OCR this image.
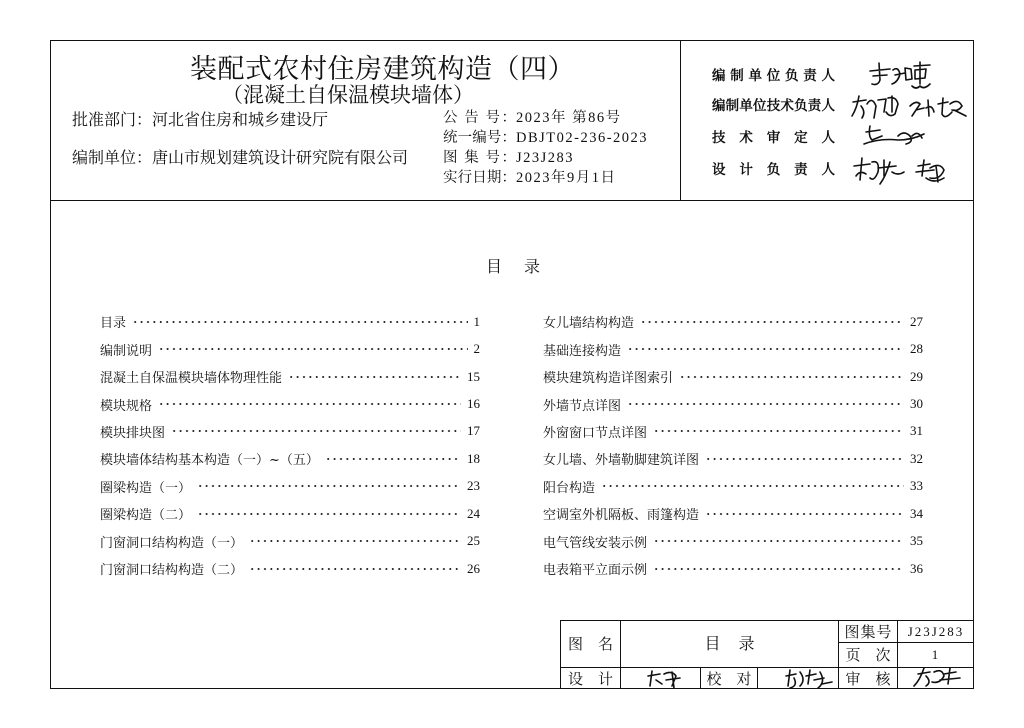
装配式农村住房建筑构造（四）
（混凝土自保温模块墙体）
批准部门：河北省住房和城乡建设厅
编制单位：唐山市规划建筑设计研究院有限公司
公 告 号：2023年 第86号
统一编号：DBJT02-236-2023
图 集 号：J23J283
实行日期：2023年9月1日
编制单位负责人
编制单位技术负责人
技术审定人
设计负责人
目 录
目录	1
编制说明	2
混凝土自保温模块墙体物理性能	15
模块规格	16
模块排块图	17
模块墙体结构基本构造（一）~（五）	18
圈梁构造（一）	23
圈梁构造（二）	24
门窗洞口结构构造（一）	25
门窗洞口结构构造（二）	26
女儿墙结构构造	27
基础连接构造	28
模块建筑构造详图索引	29
外墙节点详图	30
外窗窗口节点详图	31
女儿墙、外墙勒脚建筑详图	32
阳台构造	33
空调室外机隔板、雨篷构造	34
电气管线安装示例	35
电表箱平立面示例	36
图 名	目 录
图集号	J23J283
页 次	1
设 计	校 对	审 核
